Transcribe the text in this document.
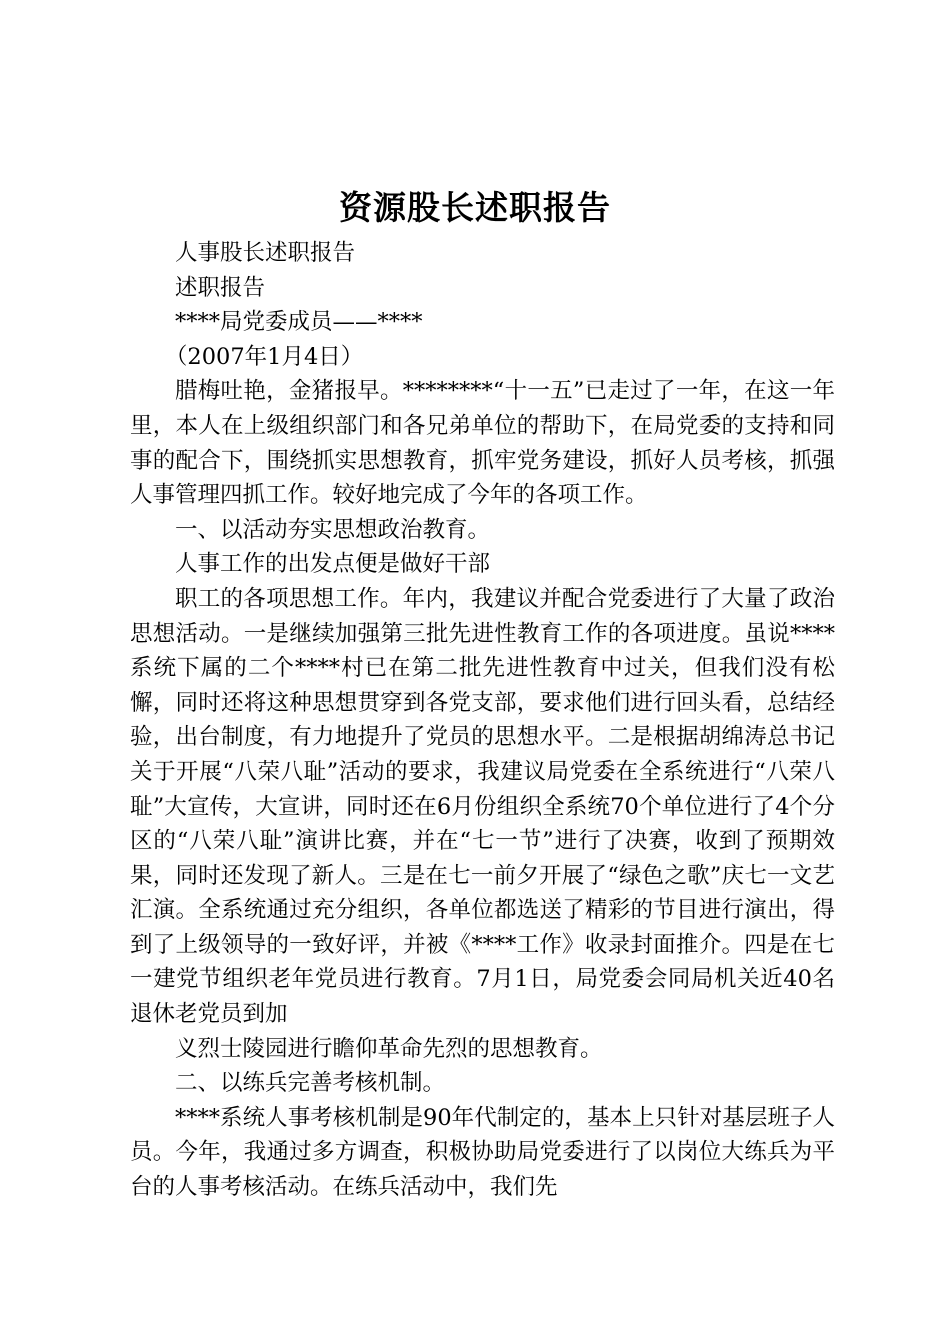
资源股长述职报告

人事股长述职报告

述职报告

****局党委成员——****

（2007年1月4日）

腊梅吐艳，金猪报早。********“十一五”已走过了一年，在这一年里，本人在上级组织部门和各兄弟单位的帮助下，在局党委的支持和同事的配合下，围绕抓实思想教育，抓牢党务建设，抓好人员考核，抓强人事管理四抓工作。较好地完成了今年的各项工作。

一、以活动夯实思想政治教育。

人事工作的出发点便是做好干部

职工的各项思想工作。年内，我建议并配合党委进行了大量了政治思想活动。一是继续加强第三批先进性教育工作的各项进度。虽说****系统下属的二个****村已在第二批先进性教育中过关，但我们没有松懈，同时还将这种思想贯穿到各党支部，要求他们进行回头看，总结经验，出台制度，有力地提升了党员的思想水平。二是根据胡绵涛总书记关于开展“八荣八耻”活动的要求，我建议局党委在全系统进行“八荣八耻”大宣传，大宣讲，同时还在6月份组织全系统70个单位进行了4个分区的“八荣八耻”演讲比赛，并在“七一节”进行了决赛，收到了预期效果，同时还发现了新人。三是在七一前夕开展了“绿色之歌”庆七一文艺汇演。全系统通过充分组织，各单位都选送了精彩的节目进行演出，得到了上级领导的一致好评，并被《****工作》收录封面推介。四是在七一建党节组织老年党员进行教育。7月1日，局党委会同局机关近40名退休老党员到加

义烈士陵园进行瞻仰革命先烈的思想教育。

二、以练兵完善考核机制。

****系统人事考核机制是90年代制定的，基本上只针对基层班子人员。今年，我通过多方调查，积极协助局党委进行了以岗位大练兵为平台的人事考核活动。在练兵活动中，我们先
